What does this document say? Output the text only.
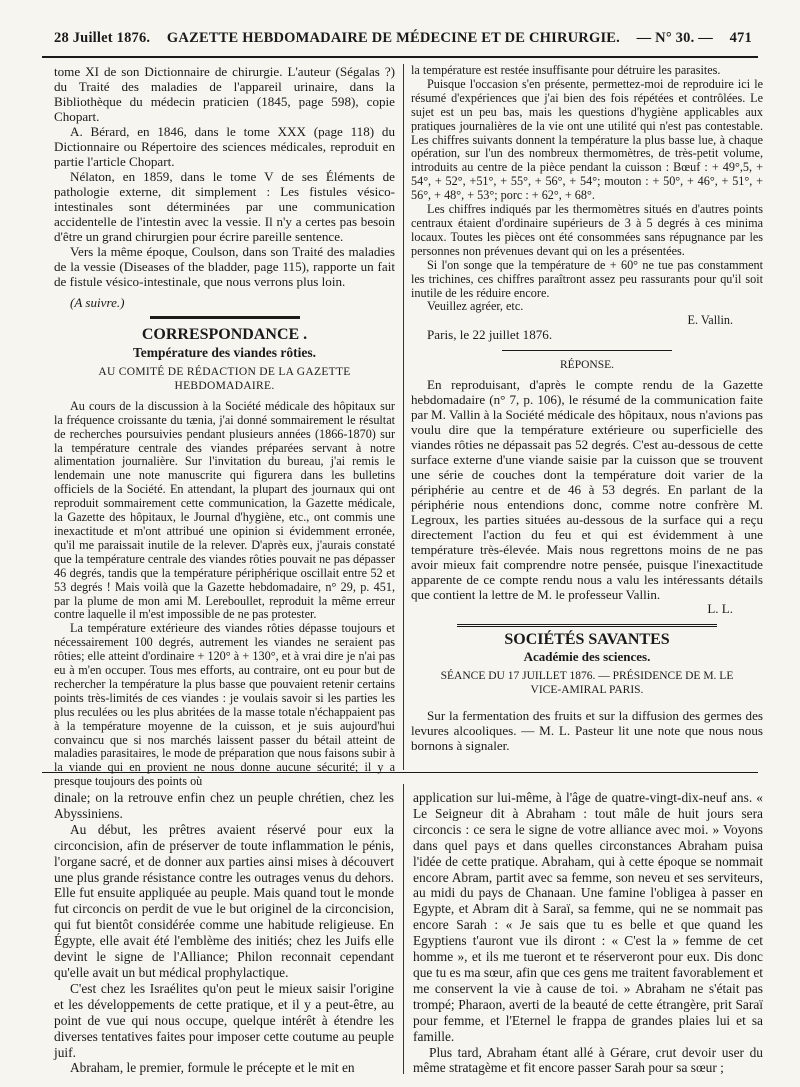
28 Juillet 1876. GAZETTE HEBDOMADAIRE DE MÉDECINE ET DE CHIRURGIE. — N° 30. — 471

tome XI de son Dictionnaire de chirurgie. L'auteur (Ségalas ?) du Traité des maladies de l'appareil urinaire, dans la Bibliothèque du médecin praticien (1845, page 598), copie Chopart.

A. Bérard, en 1846, dans le tome XXX (page 118) du Dictionnaire ou Répertoire des sciences médicales, reproduit en partie l'article Chopart.

Nélaton, en 1859, dans le tome V de ses Éléments de pathologie externe, dit simplement : Les fistules vésico-intestinales sont déterminées par une communication accidentelle de l'intestin avec la vessie. Il n'y a certes pas besoin d'être un grand chirurgien pour écrire pareille sentence.

Vers la même époque, Coulson, dans son Traité des maladies de la vessie (Diseases of the bladder, page 115), rapporte un fait de fistule vésico-intestinale, que nous verrons plus loin.

(A suivre.)

CORRESPONDANCE .
Température des viandes rôties.
AU COMITÉ DE RÉDACTION DE LA GAZETTE HEBDOMADAIRE.

Au cours de la discussion à la Société médicale des hôpitaux sur la fréquence croissante du tænia, j'ai donné sommairement le résultat de recherches poursuivies pendant plusieurs années (1866-1870) sur la température centrale des viandes préparées servant à notre alimentation journalière. Sur l'invitation du bureau, j'ai remis le lendemain une note manuscrite qui figurera dans les bulletins officiels de la Société. En attendant, la plupart des journaux qui ont reproduit sommairement cette communication, la Gazette médicale, la Gazette des hôpitaux, le Journal d'hygiène, etc., ont commis une inexactitude et m'ont attribué une opinion si évidemment erronée, qu'il me paraissait inutile de la relever. D'après eux, j'aurais constaté que la température centrale des viandes rôties pouvait ne pas dépasser 46 degrés, tandis que la température périphérique oscillait entre 52 et 53 degrés ! Mais voilà que la Gazette hebdomadaire, n° 29, p. 451, par la plume de mon ami M. Lereboullet, reproduit la même erreur contre laquelle il m'est impossible de ne pas protester.

La température extérieure des viandes rôties dépasse toujours et nécessairement 100 degrés, autrement les viandes ne seraient pas rôties; elle atteint d'ordinaire + 120° à + 130°, et à vrai dire je n'ai pas eu à m'en occuper. Tous mes efforts, au contraire, ont eu pour but de rechercher la température la plus basse que pouvaient retenir certains points très-limités de ces viandes : je voulais savoir si les parties les plus reculées ou les plus abritées de la masse totale n'échappaient pas à la température moyenne de la cuisson, et je suis aujourd'hui convaincu que si nos marchés laissent passer du bétail atteint de maladies parasitaires, le mode de préparation que nous faisons subir à la viande qui en provient ne nous donne aucune sécurité; il y a presque toujours des points où

la température est restée insuffisante pour détruire les parasites.

Puisque l'occasion s'en présente, permettez-moi de reproduire ici le résumé d'expériences que j'ai bien des fois répétées et contrôlées. Le sujet est un peu bas, mais les questions d'hygiène applicables aux pratiques journalières de la vie ont une utilité qui n'est pas contestable. Les chiffres suivants donnent la température la plus basse lue, à chaque opération, sur l'un des nombreux thermomètres, de très-petit volume, introduits au centre de la pièce pendant la cuisson : Bœuf : + 49°,5, + 54°, + 52°, +51°, + 55°, + 56°, + 54°; mouton : + 50°, + 46°, + 51°, + 56°, + 48°, + 53°; porc : + 62°, + 68°.

Les chiffres indiqués par les thermomètres situés en d'autres points centraux étaient d'ordinaire supérieurs de 3 à 5 degrés à ces minima locaux. Toutes les pièces ont été consommées sans répugnance par les personnes non prévenues devant qui on les a présentées.

Si l'on songe que la température de + 60° ne tue pas constamment les trichines, ces chiffres paraîtront assez peu rassurants pour qu'il soit inutile de les réduire encore.

Veuillez agréer, etc.

E. Vallin.

Paris, le 22 juillet 1876.

RÉPONSE.

En reproduisant, d'après le compte rendu de la Gazette hebdomadaire (n° 7, p. 106), le résumé de la communication faite par M. Vallin à la Société médicale des hôpitaux, nous n'avions pas voulu dire que la température extérieure ou superficielle des viandes rôties ne dépassait pas 52 degrés. C'est au-dessous de cette surface externe d'une viande saisie par la cuisson que se trouvent une série de couches dont la température doit varier de la périphérie au centre et de 46 à 53 degrés. En parlant de la périphérie nous entendions donc, comme notre confrère M. Legroux, les parties situées au-dessous de la surface qui a reçu directement l'action du feu et qui est évidemment à une température très-élevée. Mais nous regrettons moins de ne pas avoir mieux fait comprendre notre pensée, puisque l'inexactitude apparente de ce compte rendu nous a valu les intéressants détails que contient la lettre de M. le professeur Vallin.

L. L.
SOCIÉTÉS SAVANTES
Académie des sciences.
SÉANCE DU 17 JUILLET 1876. — PRÉSIDENCE DE M. LE VICE-AMIRAL PARIS.

Sur la fermentation des fruits et sur la diffusion des germes des levures alcooliques. — M. L. Pasteur lit une note que nous nous bornons à signaler.

dinale; on la retrouve enfin chez un peuple chrétien, chez les Abyssiniens.

Au début, les prêtres avaient réservé pour eux la circoncision, afin de préserver de toute inflammation le pénis, l'organe sacré, et de donner aux parties ainsi mises à découvert une plus grande résistance contre les outrages venus du dehors. Elle fut ensuite appliquée au peuple. Mais quand tout le monde fut circoncis on perdit de vue le but originel de la circoncision, qui fut bientôt considérée comme une habitude religieuse. En Égypte, elle avait été l'emblème des initiés; chez les Juifs elle devint le signe de l'Alliance; Philon reconnait cependant qu'elle avait un but médical prophylactique.

C'est chez les Israélites qu'on peut le mieux saisir l'origine et les développements de cette pratique, et il y a peut-être, au point de vue qui nous occupe, quelque intérêt à étendre les diverses tentatives faites pour imposer cette coutume au peuple juif.

Abraham, le premier, formule le précepte et le mit en

application sur lui-même, à l'âge de quatre-vingt-dix-neuf ans. « Le Seigneur dit à Abraham : tout mâle de huit jours sera circoncis : ce sera le signe de votre alliance avec moi. » Voyons dans quel pays et dans quelles circonstances Abraham puisa l'idée de cette pratique. Abraham, qui à cette époque se nommait encore Abram, partit avec sa femme, son neveu et ses serviteurs, au midi du pays de Chanaan. Une famine l'obligea à passer en Egypte, et Abram dit à Saraï, sa femme, qui ne se nommait pas encore Sarah : « Je sais que tu es belle et que quand les Egyptiens t'auront vue ils diront : « C'est la » femme de cet homme », et ils me tueront et te réserveront pour eux. Dis donc que tu es ma sœur, afin que ces gens me traitent favorablement et me conservent la vie à cause de toi. » Abraham ne s'était pas trompé; Pharaon, averti de la beauté de cette étrangère, prit Saraï pour femme, et l'Eternel le frappa de grandes plaies lui et sa famille.

Plus tard, Abraham étant allé à Gérare, crut devoir user du même stratagème et fit encore passer Sarah pour sa sœur ;
